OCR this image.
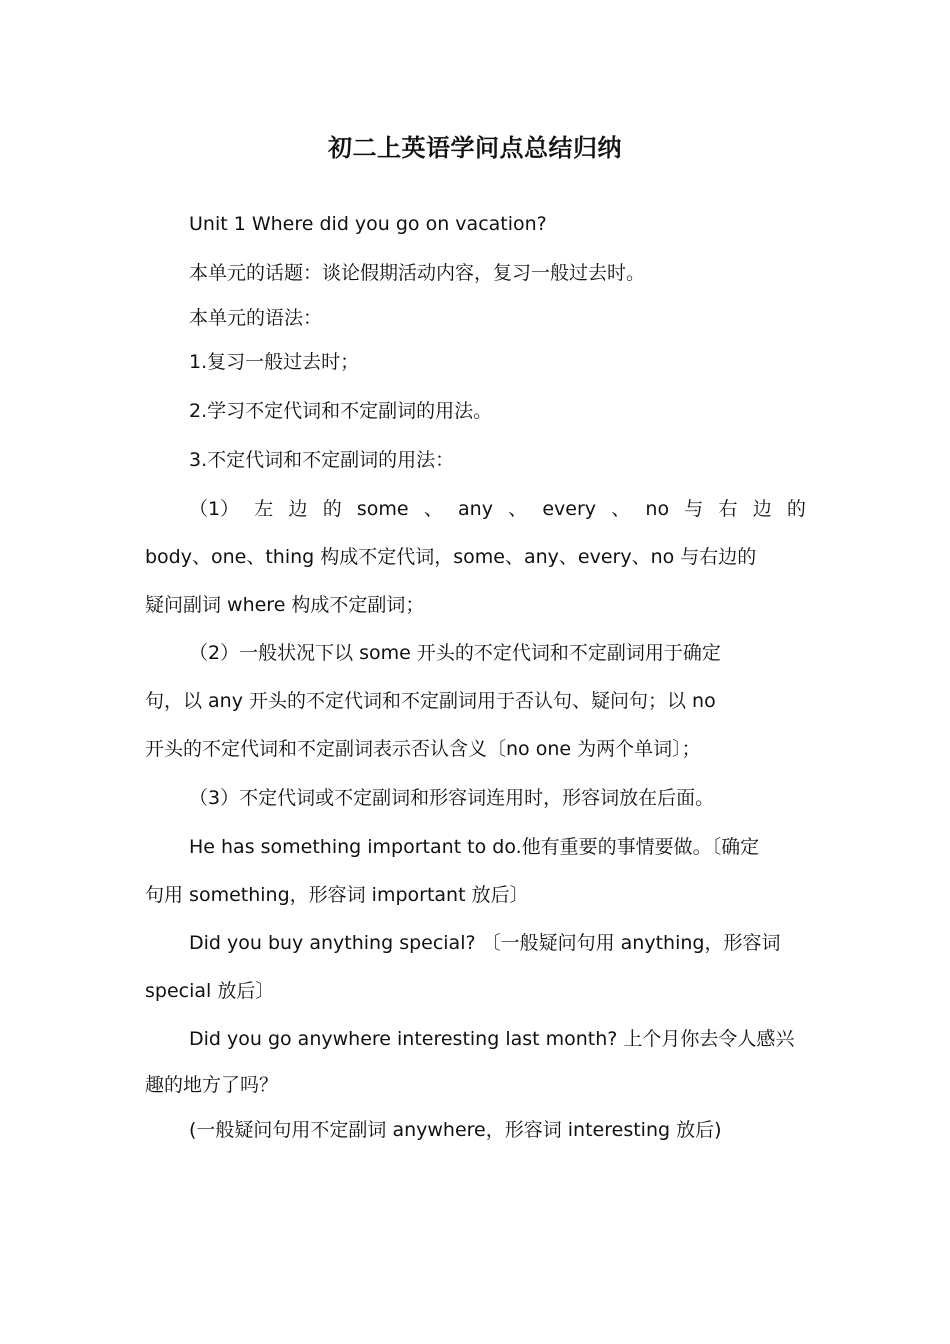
初二上英语学问点总结归纳
Unit 1 Where did you go on vacation?
本单元的话题：谈论假期活动内容，复习一般过去时。
本单元的语法：
1.复习一般过去时；
2.学习不定代词和不定副词的用法。
3.不定代词和不定副词的用法：
（1） 左 边 的 some 、 any 、 every 、 no 与 右 边 的
body、one、thing 构成不定代词，some、any、every、no 与右边的
疑问副词 where 构成不定副词；
（2）一般状况下以 some 开头的不定代词和不定副词用于确定
句，以 any 开头的不定代词和不定副词用于否认句、疑问句；以 no
开头的不定代词和不定副词表示否认含义〔no one 为两个单词〕；
（3）不定代词或不定副词和形容词连用时，形容词放在后面。
He has something important to do.他有重要的事情要做。〔确定
句用 something，形容词 important 放后〕
Did you buy anything special? 〔一般疑问句用 anything，形容词
special 放后〕
Did you go anywhere interesting last month? 上个月你去令人感兴
趣的地方了吗？
(一般疑问句用不定副词 anywhere，形容词 interesting 放后)
